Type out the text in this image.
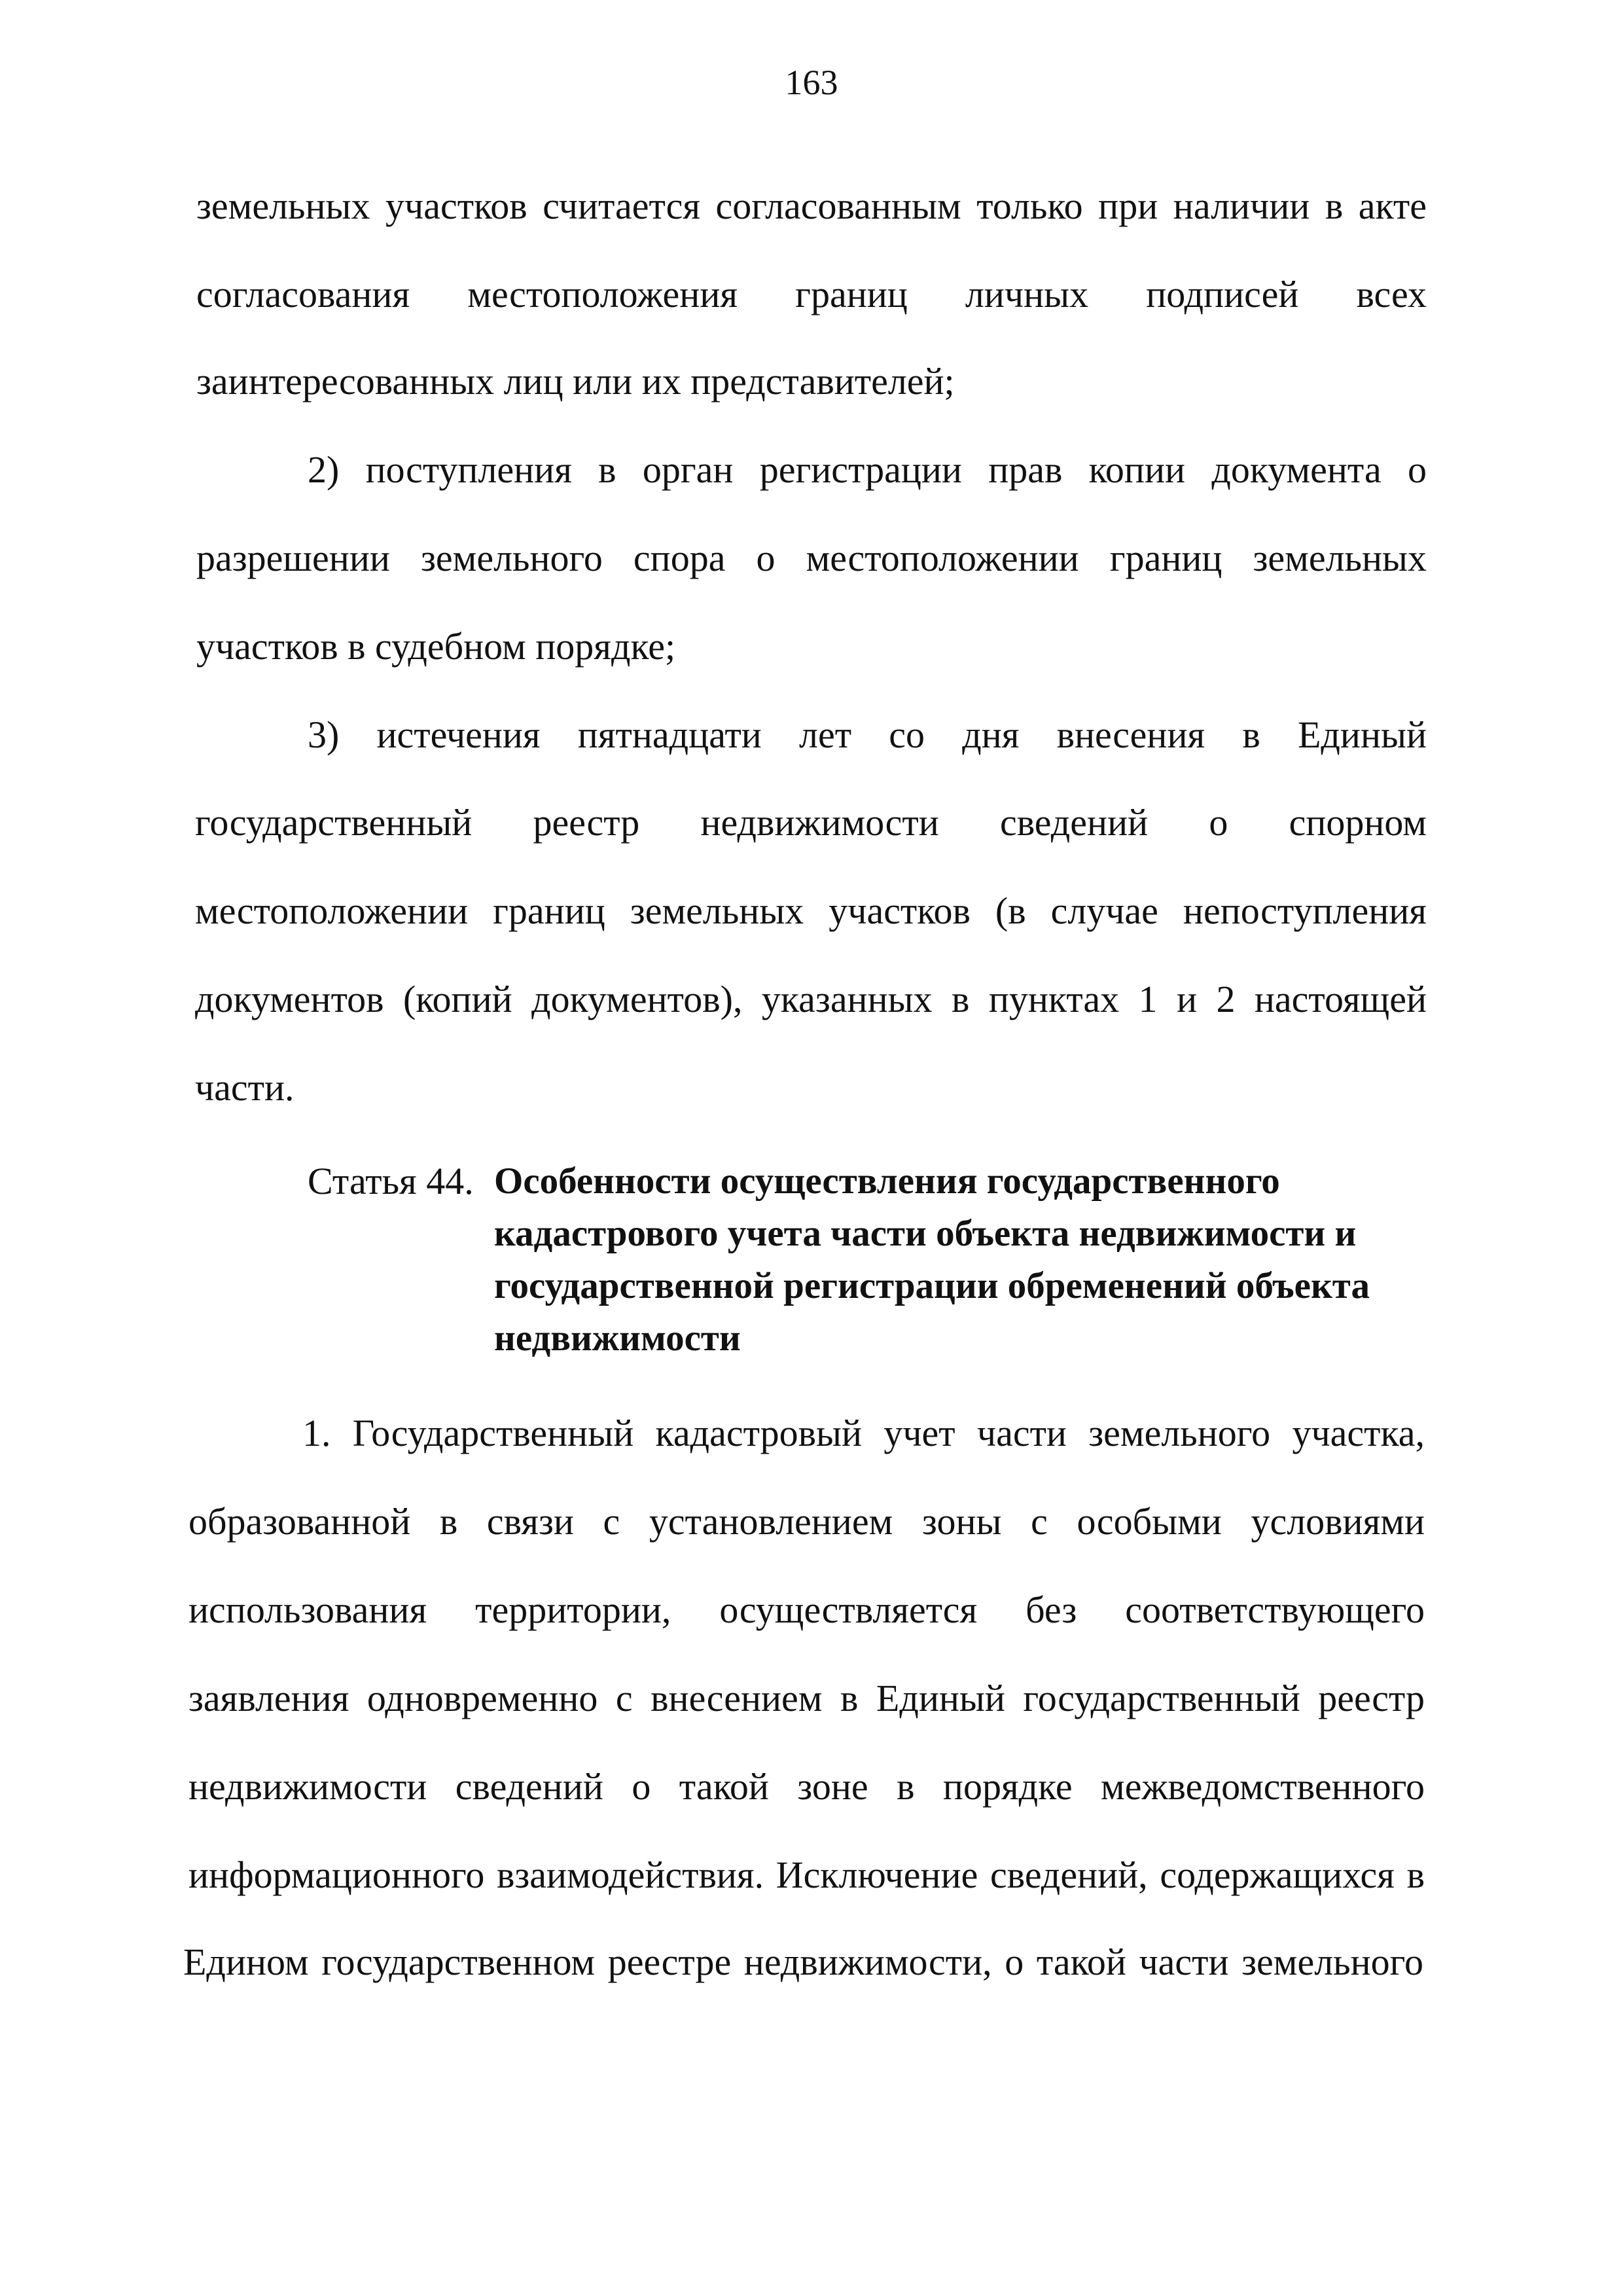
163
земельных участков считается согласованным только при наличии в акте
согласования местоположения границ личных подписей всех
заинтересованных лиц или их представителей;
2) поступления в орган регистрации прав копии документа о
разрешении земельного спора о местоположении границ земельных
участков в судебном порядке;
3) истечения пятнадцати лет со дня внесения в Единый
государственный реестр недвижимости сведений о спорном
местоположении границ земельных участков (в случае непоступления
документов (копий документов), указанных в пунктах 1 и 2 настоящей
части.
Статья 44. Особенности осуществления государственного
кадастрового учета части объекта недвижимости и
государственной регистрации обременений объекта
недвижимости
1. Государственный кадастровый учет части земельного участка,
образованной в связи с установлением зоны с особыми условиями
использования территории, осуществляется без соответствующего
заявления одновременно с внесением в Единый государственный реестр
недвижимости сведений о такой зоне в порядке межведомственного
информационного взаимодействия. Исключение сведений, содержащихся в
Едином государственном реестре недвижимости, о такой части земельного
